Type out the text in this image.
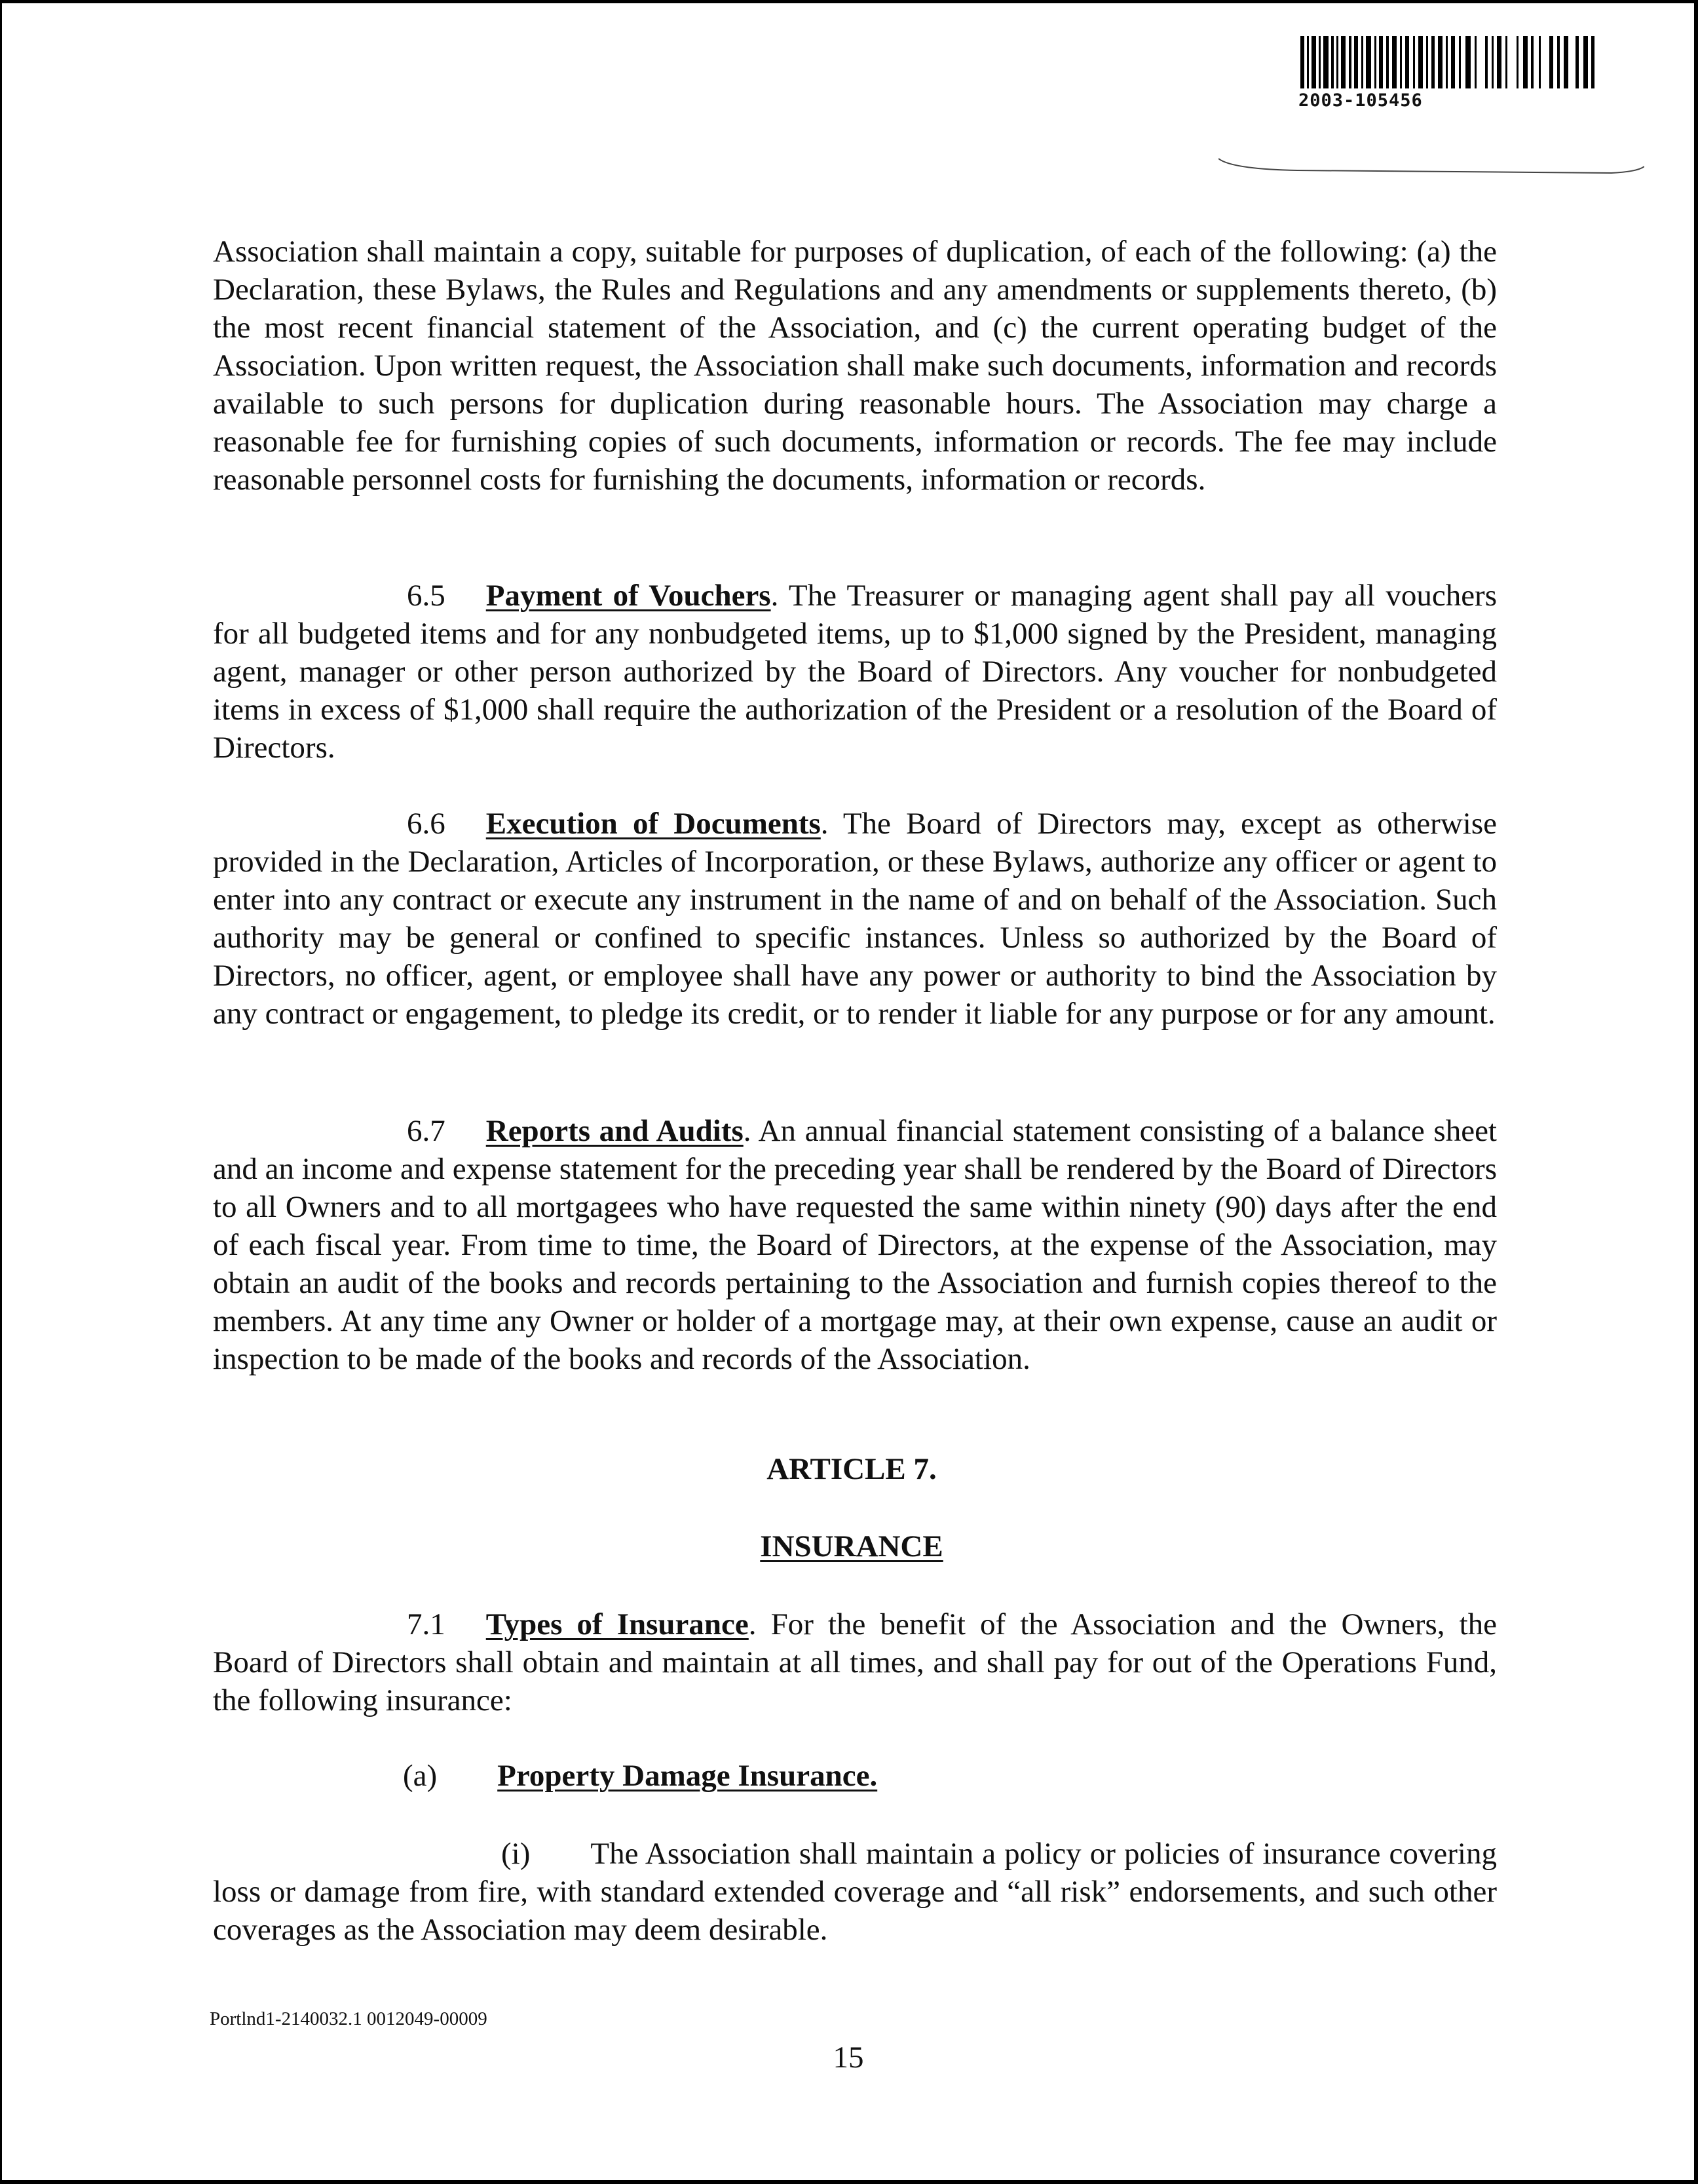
2003-105456

Association shall maintain a copy, suitable for purposes of duplication, of each of the following: (a) the Declaration, these Bylaws, the Rules and Regulations and any amendments or supplements thereto, (b) the most recent financial statement of the Association, and (c) the current operating budget of the Association. Upon written request, the Association shall make such documents, information and records available to such persons for duplication during reasonable hours. The Association may charge a reasonable fee for furnishing copies of such documents, information or records. The fee may include reasonable personnel costs for furnishing the documents, information or records.

6.5 Payment of Vouchers. The Treasurer or managing agent shall pay all vouchers for all budgeted items and for any nonbudgeted items, up to $1,000 signed by the President, managing agent, manager or other person authorized by the Board of Directors. Any voucher for nonbudgeted items in excess of $1,000 shall require the authorization of the President or a resolution of the Board of Directors.

6.6 Execution of Documents. The Board of Directors may, except as otherwise provided in the Declaration, Articles of Incorporation, or these Bylaws, authorize any officer or agent to enter into any contract or execute any instrument in the name of and on behalf of the Association. Such authority may be general or confined to specific instances. Unless so authorized by the Board of Directors, no officer, agent, or employee shall have any power or authority to bind the Association by any contract or engagement, to pledge its credit, or to render it liable for any purpose or for any amount.

6.7 Reports and Audits. An annual financial statement consisting of a balance sheet and an income and expense statement for the preceding year shall be rendered by the Board of Directors to all Owners and to all mortgagees who have requested the same within ninety (90) days after the end of each fiscal year. From time to time, the Board of Directors, at the expense of the Association, may obtain an audit of the books and records pertaining to the Association and furnish copies thereof to the members. At any time any Owner or holder of a mortgage may, at their own expense, cause an audit or inspection to be made of the books and records of the Association.

ARTICLE 7.
INSURANCE

7.1 Types of Insurance. For the benefit of the Association and the Owners, the Board of Directors shall obtain and maintain at all times, and shall pay for out of the Operations Fund, the following insurance:

(a) Property Damage Insurance.

(i) The Association shall maintain a policy or policies of insurance covering loss or damage from fire, with standard extended coverage and “all risk” endorsements, and such other coverages as the Association may deem desirable.

Portlnd1-2140032.1 0012049-00009
15
